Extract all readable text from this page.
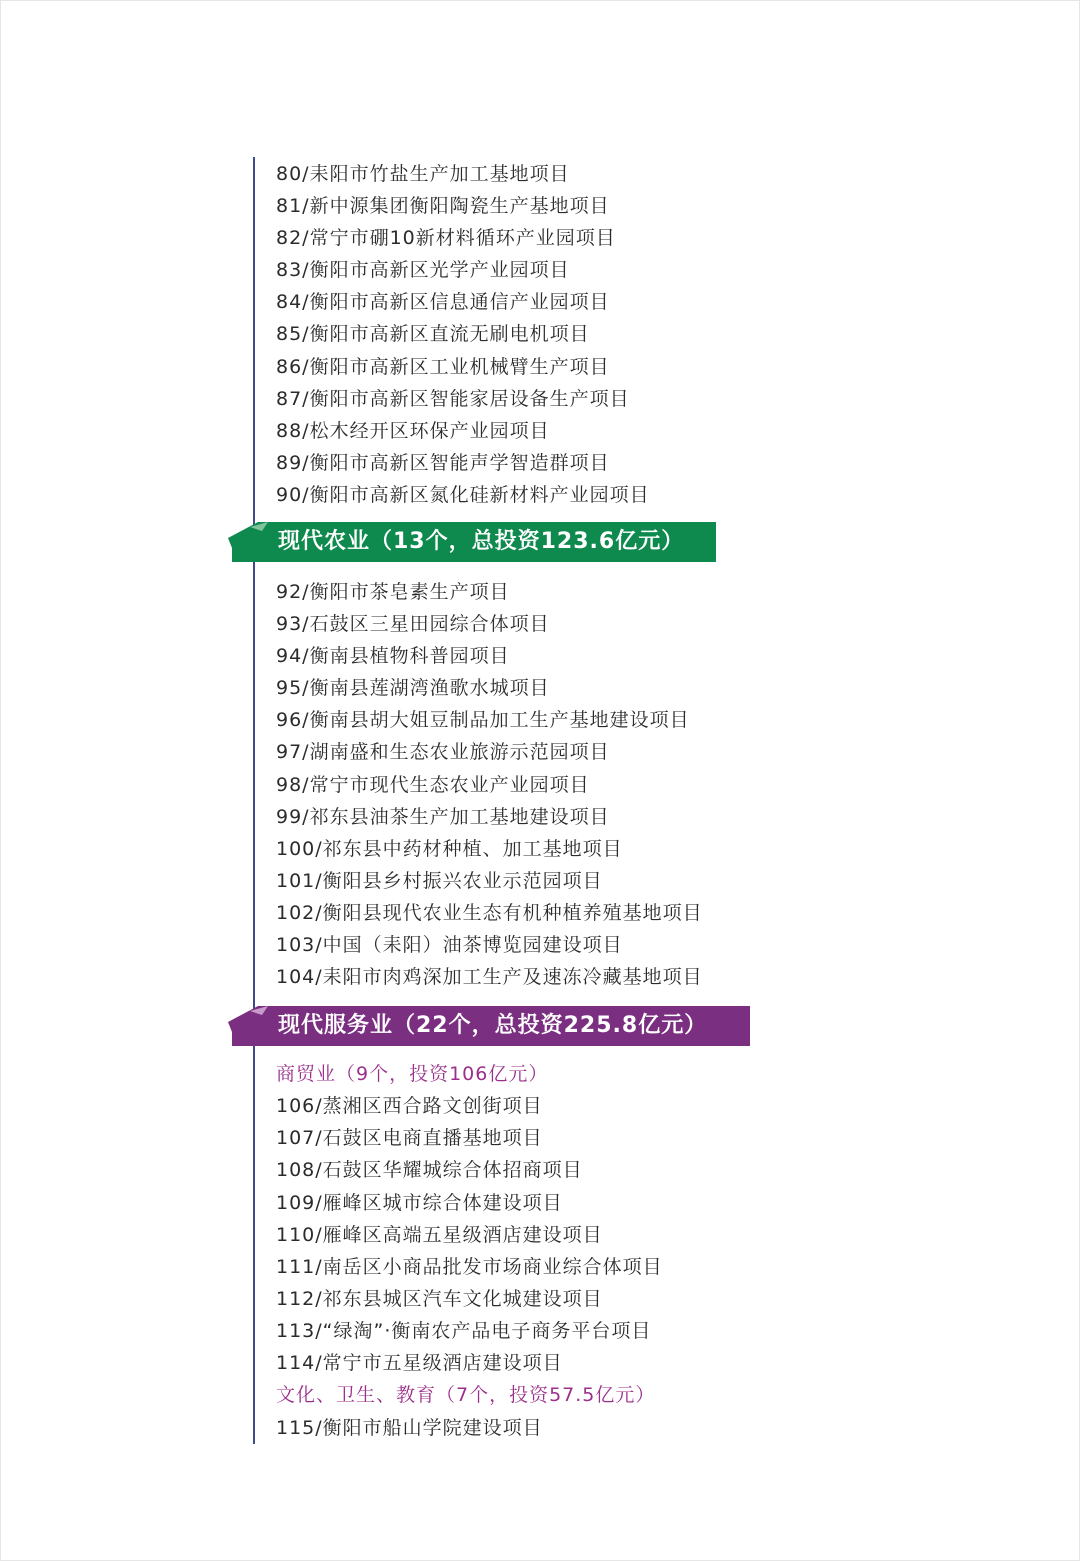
80/耒阳市竹盐生产加工基地项目
81/新中源集团衡阳陶瓷生产基地项目
82/常宁市硼10新材料循环产业园项目
83/衡阳市高新区光学产业园项目
84/衡阳市高新区信息通信产业园项目
85/衡阳市高新区直流无刷电机项目
86/衡阳市高新区工业机械臂生产项目
87/衡阳市高新区智能家居设备生产项目
88/松木经开区环保产业园项目
89/衡阳市高新区智能声学智造群项目
90/衡阳市高新区氮化硅新材料产业园项目
现代农业（13个，总投资123.6亿元）
92/衡阳市茶皂素生产项目
93/石鼓区三星田园综合体项目
94/衡南县植物科普园项目
95/衡南县莲湖湾渔歌水城项目
96/衡南县胡大姐豆制品加工生产基地建设项目
97/湖南盛和生态农业旅游示范园项目
98/常宁市现代生态农业产业园项目
99/祁东县油茶生产加工基地建设项目
100/祁东县中药材种植、加工基地项目
101/衡阳县乡村振兴农业示范园项目
102/衡阳县现代农业生态有机种植养殖基地项目
103/中国（耒阳）油茶博览园建设项目
104/耒阳市肉鸡深加工生产及速冻冷藏基地项目
现代服务业（22个，总投资225.8亿元）
商贸业（9个，投资106亿元）
106/蒸湘区西合路文创街项目
107/石鼓区电商直播基地项目
108/石鼓区华耀城综合体招商项目
109/雁峰区城市综合体建设项目
110/雁峰区高端五星级酒店建设项目
111/南岳区小商品批发市场商业综合体项目
112/祁东县城区汽车文化城建设项目
113/“绿淘”·衡南农产品电子商务平台项目
114/常宁市五星级酒店建设项目
文化、卫生、教育（7个，投资57.5亿元）
115/衡阳市船山学院建设项目
